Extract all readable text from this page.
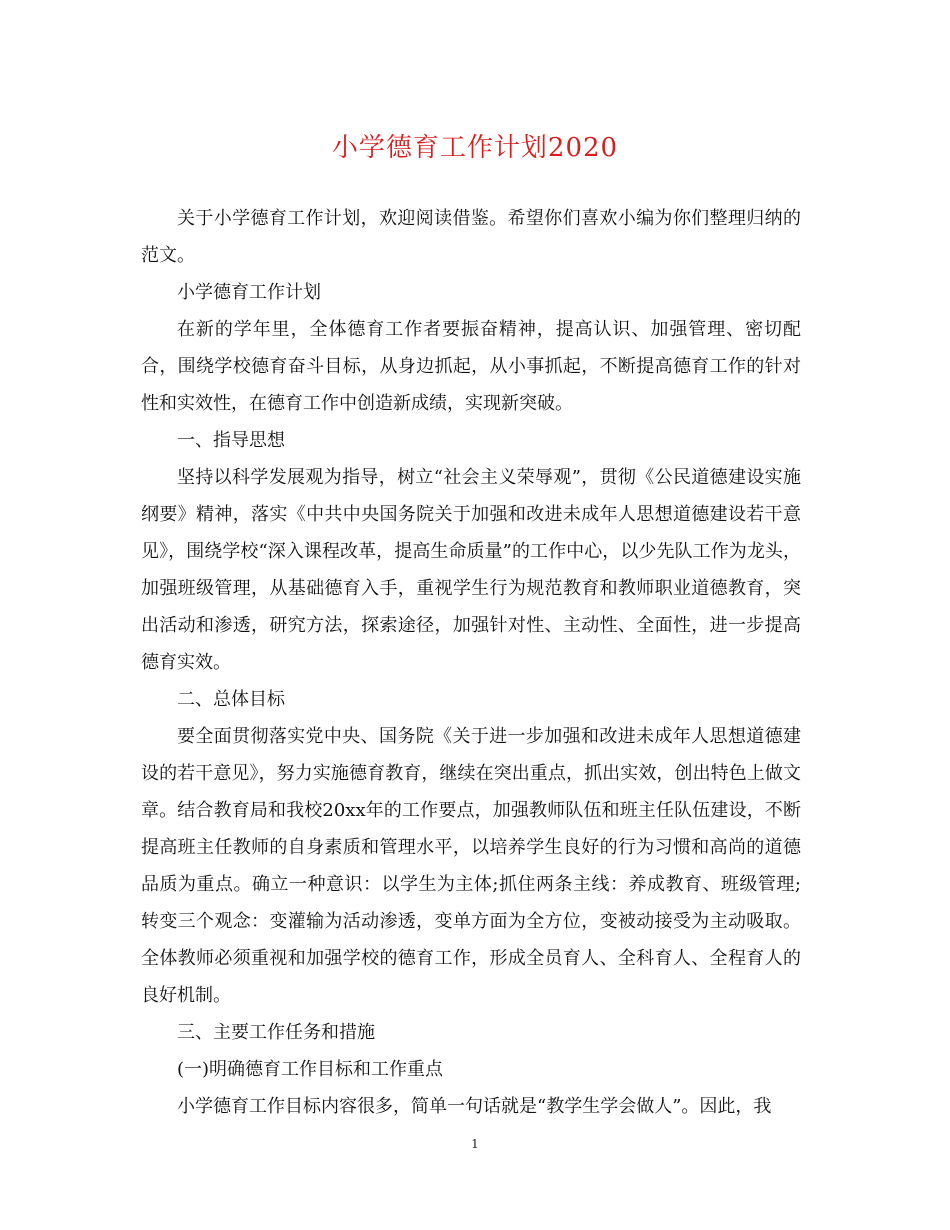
小学德育工作计划2020

关于小学德育工作计划，欢迎阅读借鉴。希望你们喜欢小编为你们整理归纳的范文。

小学德育工作计划

在新的学年里，全体德育工作者要振奋精神，提高认识、加强管理、密切配合，围绕学校德育奋斗目标，从身边抓起，从小事抓起，不断提高德育工作的针对性和实效性，在德育工作中创造新成绩，实现新突破。

一、指导思想

坚持以科学发展观为指导，树立“社会主义荣辱观”，贯彻《公民道德建设实施纲要》精神，落实《中共中央国务院关于加强和改进未成年人思想道德建设若干意见》，围绕学校“深入课程改革，提高生命质量”的工作中心，以少先队工作为龙头，加强班级管理，从基础德育入手，重视学生行为规范教育和教师职业道德教育，突出活动和渗透，研究方法，探索途径，加强针对性、主动性、全面性，进一步提高德育实效。

二、总体目标

要全面贯彻落实党中央、国务院《关于进一步加强和改进未成年人思想道德建设的若干意见》，努力实施德育教育，继续在突出重点，抓出实效，创出特色上做文章。结合教育局和我校20xx年的工作要点，加强教师队伍和班主任队伍建设，不断提高班主任教师的自身素质和管理水平，以培养学生良好的行为习惯和高尚的道德品质为重点。确立一种意识：以学生为主体;抓住两条主线：养成教育、班级管理;转变三个观念：变灌输为活动渗透，变单方面为全方位，变被动接受为主动吸取。全体教师必须重视和加强学校的德育工作，形成全员育人、全科育人、全程育人的良好机制。

三、主要工作任务和措施

(一)明确德育工作目标和工作重点

小学德育工作目标内容很多，简单一句话就是“教学生学会做人”。因此，我

1
